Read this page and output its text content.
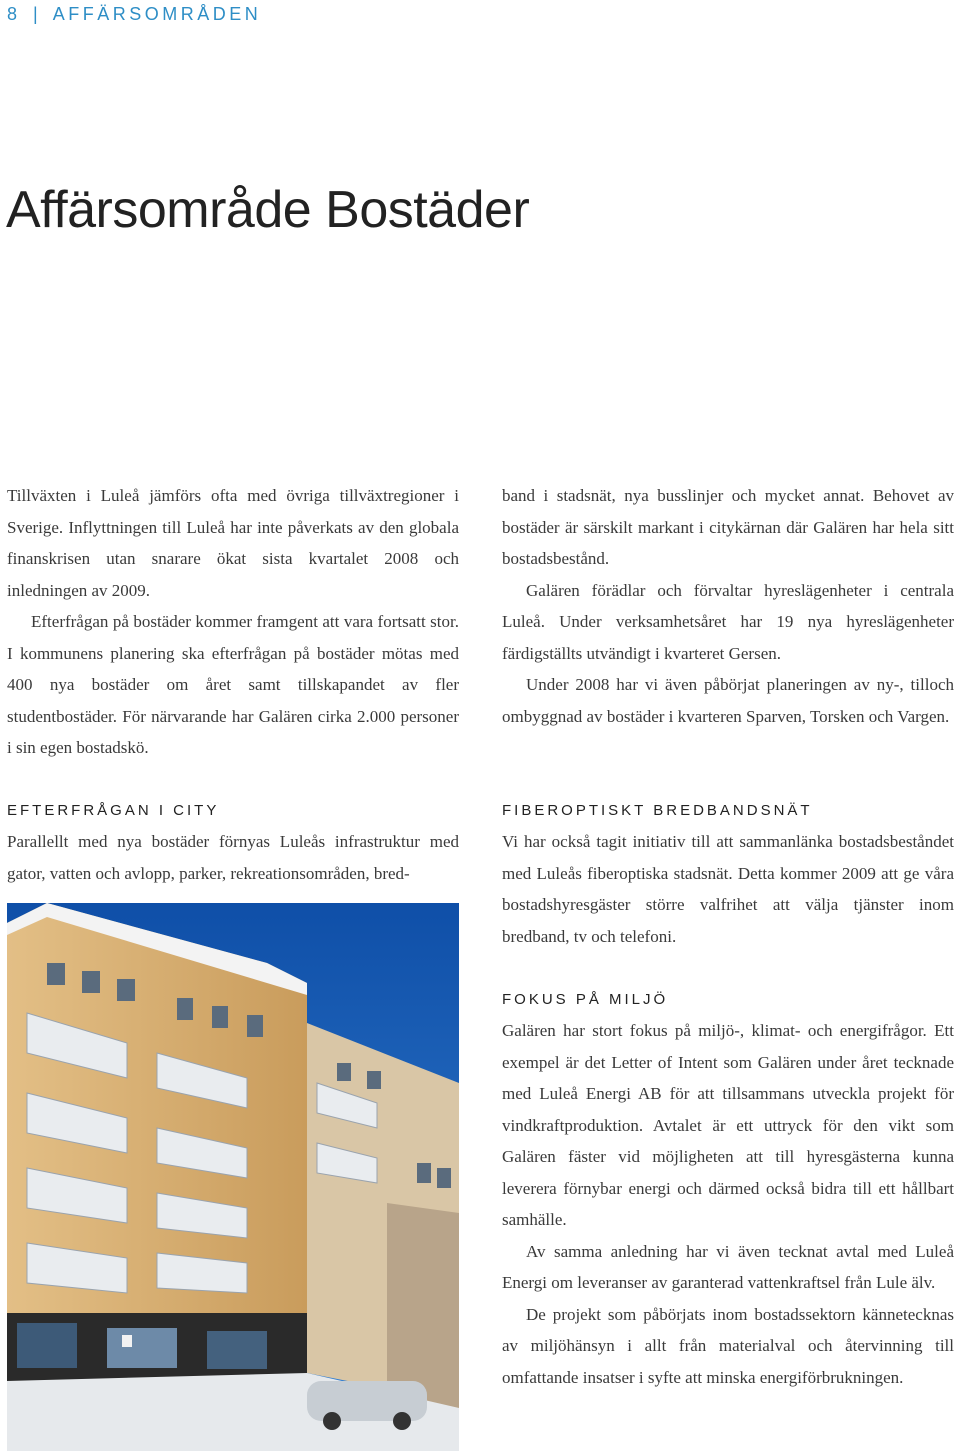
8 | AFFÄRSOMRÅDEN
Affärsområde Bostäder

Tillväxten i Luleå jämförs ofta med övriga tillväxtregioner i Sverige. Inflyttningen till Luleå har inte påverkats av den globala finanskrisen utan snarare ökat sista kvartalet 2008 och inledningen av 2009.

Efterfrågan på bostäder kommer framgent att vara fortsatt stor. I kommunens planering ska efterfrågan på bostäder mötas med 400 nya bostäder om året samt tillskapandet av fler studentbostäder. För närvarande har Galären cirka 2.000 personer i sin egen bostadskö.

EFTERFRÅGAN I CITY

Parallellt med nya bostäder förnyas Luleås infrastruktur med gator, vatten och avlopp, parker, rekreationsområden, bred-

band i stadsnät, nya busslinjer och mycket annat. Behovet av bostäder är särskilt markant i citykärnan där Galären har hela sitt bostadsbestånd.

Galären förädlar och förvaltar hyreslägenheter i centrala Luleå. Under verksamhetsåret har 19 nya hyreslägenheter färdigställts utvändigt i kvarteret Gersen.

Under 2008 har vi även påbörjat planeringen av ny-, tilloch ombyggnad av bostäder i kvarteren Sparven, Torsken och Vargen.

FIBEROPTISKT BREDBANDSNÄT

Vi har också tagit initiativ till att sammanlänka bostadsbeståndet med Luleås fiberoptiska stadsnät. Detta kommer 2009 att ge våra bostadshyresgäster större valfrihet att välja tjänster inom bredband, tv och telefoni.

FOKUS PÅ MILJÖ

Galären har stort fokus på miljö-, klimat- och energifrågor. Ett exempel är det Letter of Intent som Galären under året tecknade med Luleå Energi AB för att tillsammans utveckla projekt för vindkraftproduktion. Avtalet är ett uttryck för den vikt som Galären fäster vid möjligheten att till hyresgästerna kunna leverera förnybar energi och därmed också bidra till ett hållbart samhälle.

Av samma anledning har vi även tecknat avtal med Luleå Energi om leveranser av garanterad vattenkraftsel från Lule älv.

De projekt som påbörjats inom bostadssektorn kännetecknas av miljöhänsyn i allt från materialval och återvinning till omfattande insatser i syfte att minska energiförbrukningen.
